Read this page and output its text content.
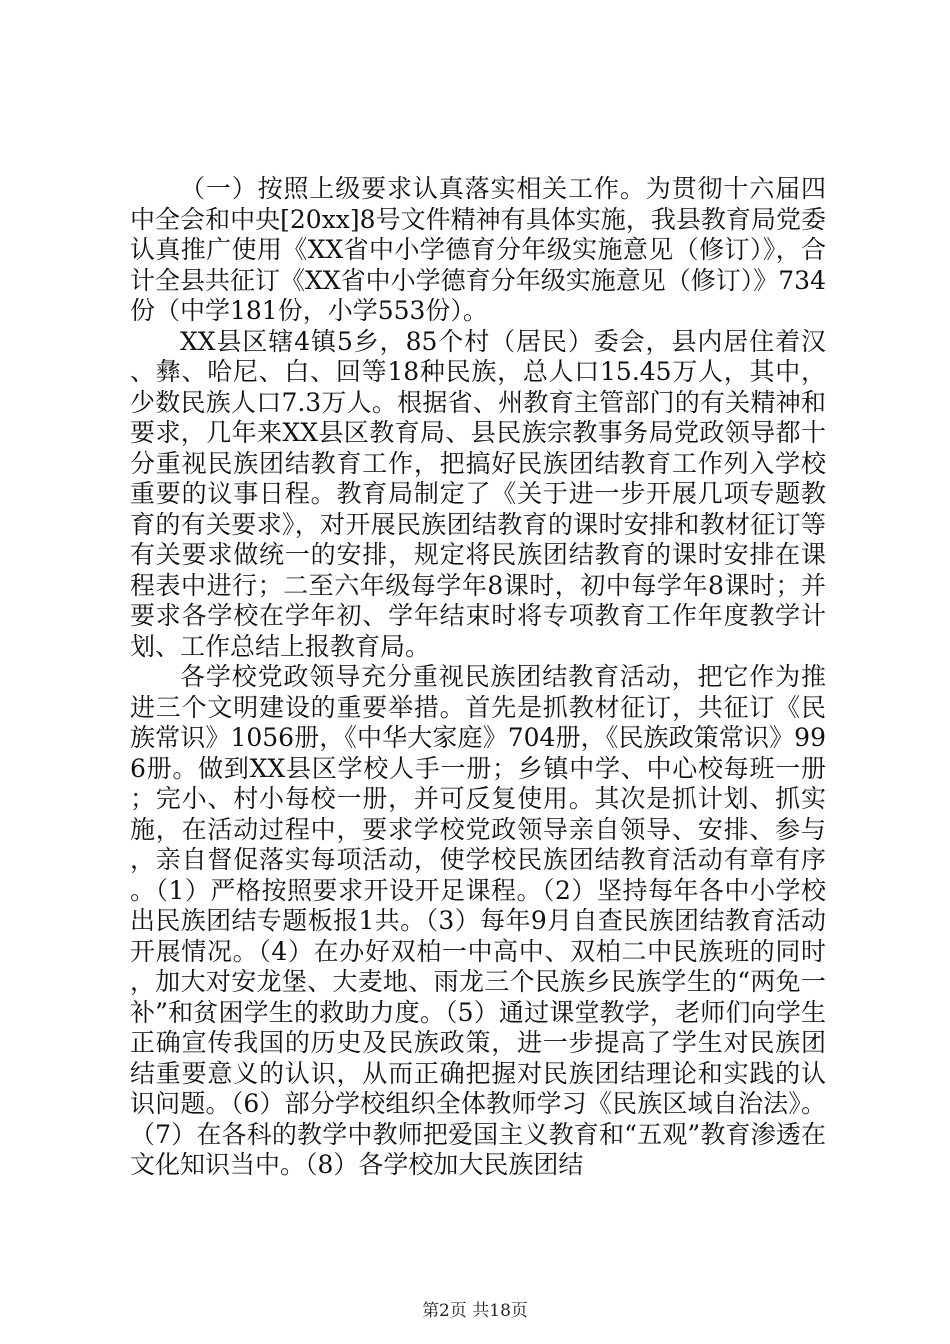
（一）按照上级要求认真落实相关工作。为贯彻十六届四中全会和中央[20xx]8号文件精神有具体实施，我县教育局党委认真推广使用《XX省中小学德育分年级实施意见（修订）》，合计全县共征订《XX省中小学德育分年级实施意见（修订）》734份（中学181份，小学553份）。

XX县区辖4镇5乡，85个村（居民）委会，县内居住着汉、彝、哈尼、白、回等18种民族，总人口15.45万人，其中，少数民族人口7.3万人。根据省、州教育主管部门的有关精神和要求，几年来XX县区教育局、县民族宗教事务局党政领导都十分重视民族团结教育工作，把搞好民族团结教育工作列入学校重要的议事日程。教育局制定了《关于进一步开展几项专题教育的有关要求》，对开展民族团结教育的课时安排和教材征订等有关要求做统一的安排，规定将民族团结教育的课时安排在课程表中进行；二至六年级每学年8课时，初中每学年8课时；并要求各学校在学年初、学年结束时将专项教育工作年度教学计划、工作总结上报教育局。

各学校党政领导充分重视民族团结教育活动，把它作为推进三个文明建设的重要举措。首先是抓教材征订，共征订《民族常识》1056册，《中华大家庭》704册，《民族政策常识》996册。做到XX县区学校人手一册；乡镇中学、中心校每班一册；完小、村小每校一册，并可反复使用。其次是抓计划、抓实施，在活动过程中，要求学校党政领导亲自领导、安排、参与，亲自督促落实每项活动，使学校民族团结教育活动有章有序。（1）严格按照要求开设开足课程。（2）坚持每年各中小学校出民族团结专题板报1共。（3）每年9月自查民族团结教育活动开展情况。（4）在办好双柏一中高中、双柏二中民族班的同时，加大对安龙堡、大麦地、雨龙三个民族乡民族学生的“两免一补”和贫困学生的救助力度。（5）通过课堂教学，老师们向学生正确宣传我国的历史及民族政策，进一步提高了学生对民族团结重要意义的认识，从而正确把握对民族团结理论和实践的认识问题。（6）部分学校组织全体教师学习《民族区域自治法》。（7）在各科的教学中教师把爱国主义教育和“五观”教育渗透在文化知识当中。（8）各学校加大民族团结

第2页 共18页
